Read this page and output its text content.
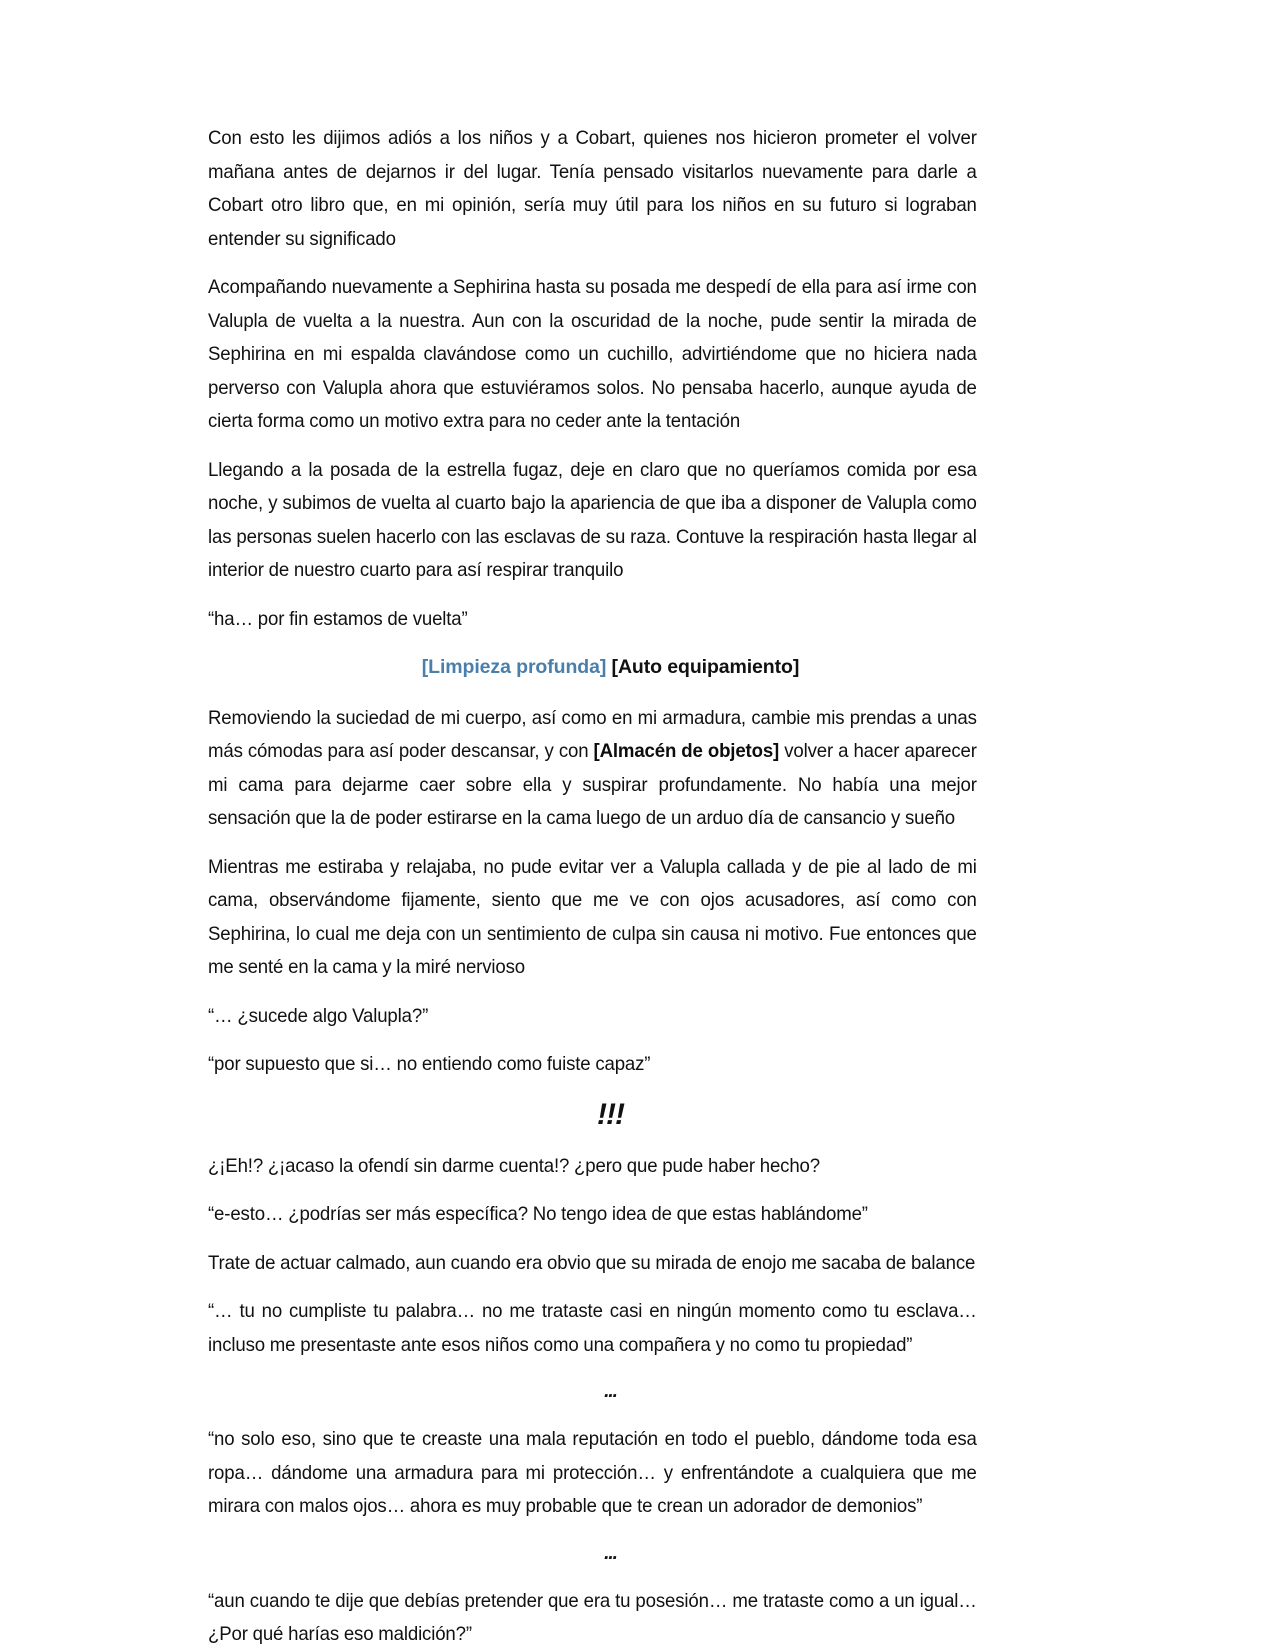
Con esto les dijimos adiós a los niños y a Cobart, quienes nos hicieron prometer el volver mañana antes de dejarnos ir del lugar. Tenía pensado visitarlos nuevamente para darle a Cobart otro libro que, en mi opinión, sería muy útil para los niños en su futuro si lograban entender su significado

Acompañando nuevamente a Sephirina hasta su posada me despedí de ella para así irme con Valupla de vuelta a la nuestra. Aun con la oscuridad de la noche, pude sentir la mirada de Sephirina en mi espalda clavándose como un cuchillo, advirtiéndome que no hiciera nada perverso con Valupla ahora que estuviéramos solos. No pensaba hacerlo, aunque ayuda de cierta forma como un motivo extra para no ceder ante la tentación

Llegando a la posada de la estrella fugaz, deje en claro que no queríamos comida por esa noche, y subimos de vuelta al cuarto bajo la apariencia de que iba a disponer de Valupla como las personas suelen hacerlo con las esclavas de su raza. Contuve la respiración hasta llegar al interior de nuestro cuarto para así respirar tranquilo

“ha… por fin estamos de vuelta”

[Limpieza profunda] [Auto equipamiento]

Removiendo la suciedad de mi cuerpo, así como en mi armadura, cambie mis prendas a unas más cómodas para así poder descansar, y con [Almacén de objetos] volver a hacer aparecer mi cama para dejarme caer sobre ella y suspirar profundamente. No había una mejor sensación que la de poder estirarse en la cama luego de un arduo día de cansancio y sueño

Mientras me estiraba y relajaba, no pude evitar ver a Valupla callada y de pie al lado de mi cama, observándome fijamente, siento que me ve con ojos acusadores, así como con Sephirina, lo cual me deja con un sentimiento de culpa sin causa ni motivo. Fue entonces que me senté en la cama y la miré nervioso

“… ¿sucede algo Valupla?”

“por supuesto que si… no entiendo como fuiste capaz”

!!!

¿¡Eh!? ¿¡acaso la ofendí sin darme cuenta!? ¿pero que pude haber hecho?

“e-esto… ¿podrías ser más específica? No tengo idea de que estas hablándome”

Trate de actuar calmado, aun cuando era obvio que su mirada de enojo me sacaba de balance

“… tu no cumpliste tu palabra… no me trataste casi en ningún momento como tu esclava… incluso me presentaste ante esos niños como una compañera y no como tu propiedad”

...

“no solo eso, sino que te creaste una mala reputación en todo el pueblo, dándome toda esa ropa… dándome una armadura para mi protección… y enfrentándote a cualquiera que me mirara con malos ojos… ahora es muy probable que te crean un adorador de demonios”

...

“aun cuando te dije que debías pretender que era tu posesión… me trataste como a un igual… ¿Por qué harías eso maldición?”
